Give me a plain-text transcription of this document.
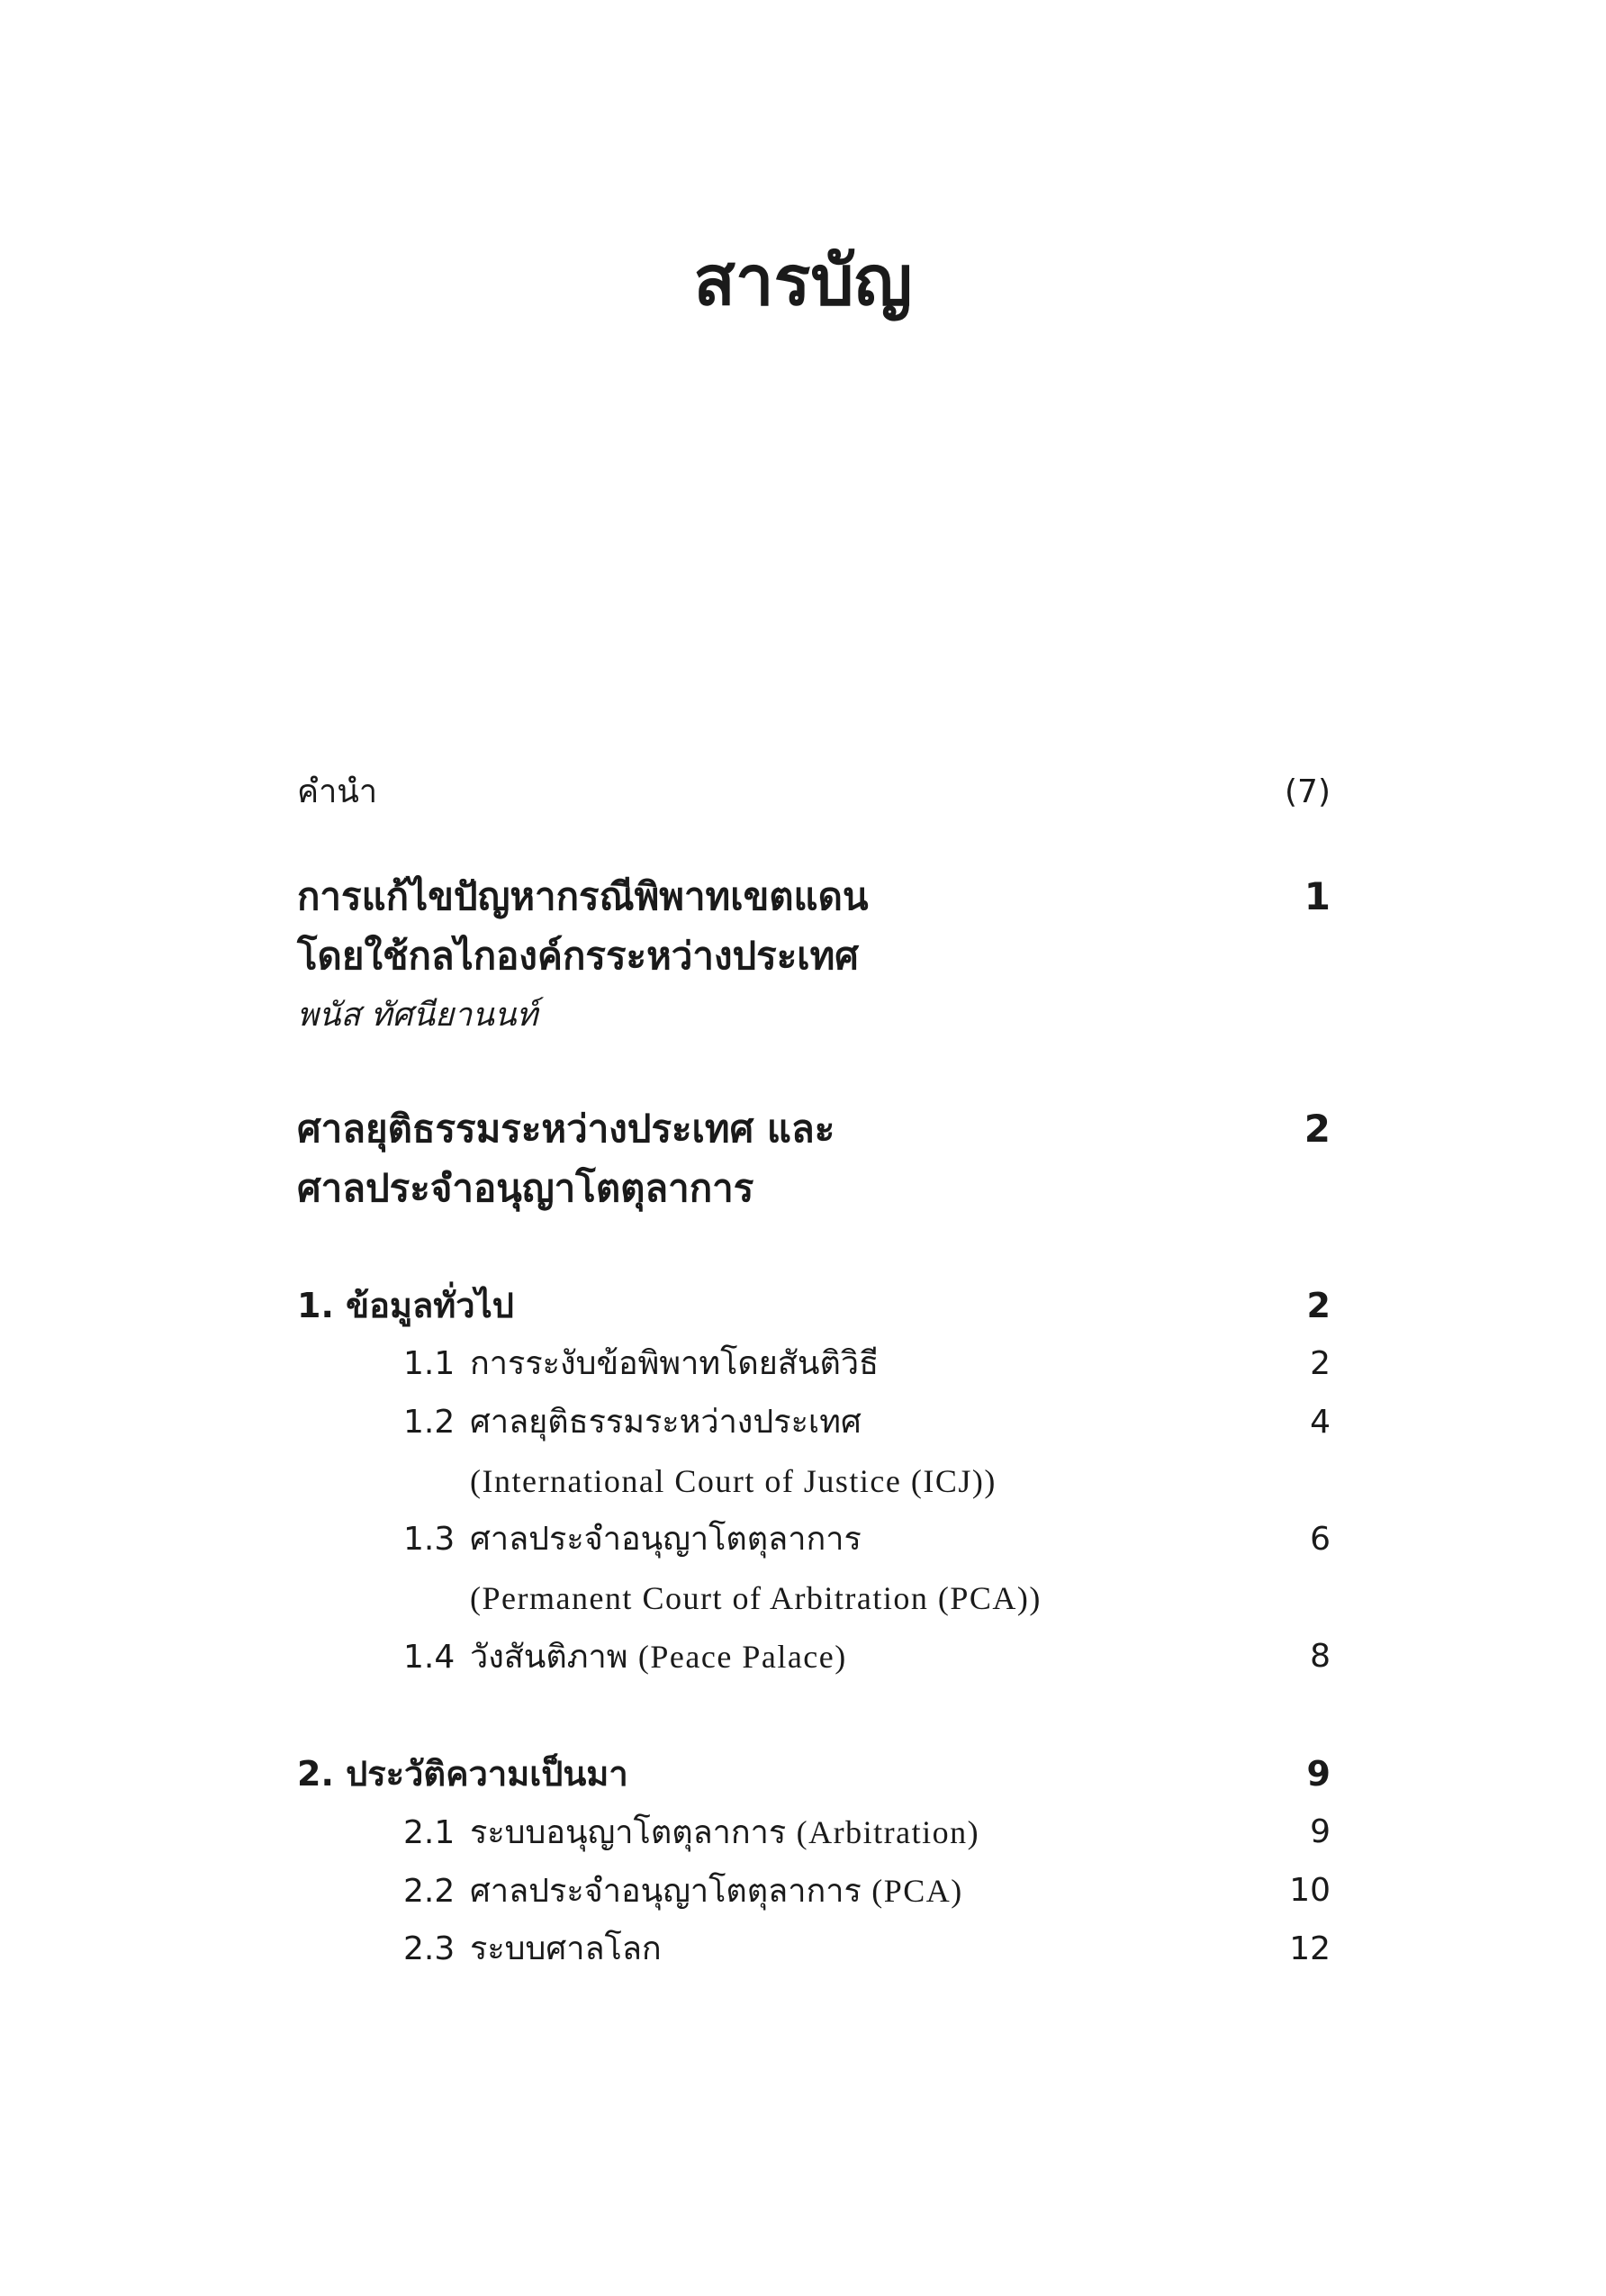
สารบัญ
คำนำ	(7)
การแก้ไขปัญหากรณีพิพาทเขตแดน	1
โดยใช้กลไกองค์กรระหว่างประเทศ
พนัส ทัศนียานนท์
ศาลยุติธรรมระหว่างประเทศ และ	2
ศาลประจำอนุญาโตตุลาการ
1. ข้อมูลทั่วไป	2
1.1 การระงับข้อพิพาทโดยสันติวิธี	2
1.2 ศาลยุติธรรมระหว่างประเทศ	4
(International Court of Justice (ICJ))
1.3 ศาลประจำอนุญาโตตุลาการ	6
(Permanent Court of Arbitration (PCA))
1.4 วังสันติภาพ (Peace Palace)	8
2. ประวัติความเป็นมา	9
2.1 ระบบอนุญาโตตุลาการ (Arbitration)	9
2.2 ศาลประจำอนุญาโตตุลาการ (PCA)	10
2.3 ระบบศาลโลก	12
